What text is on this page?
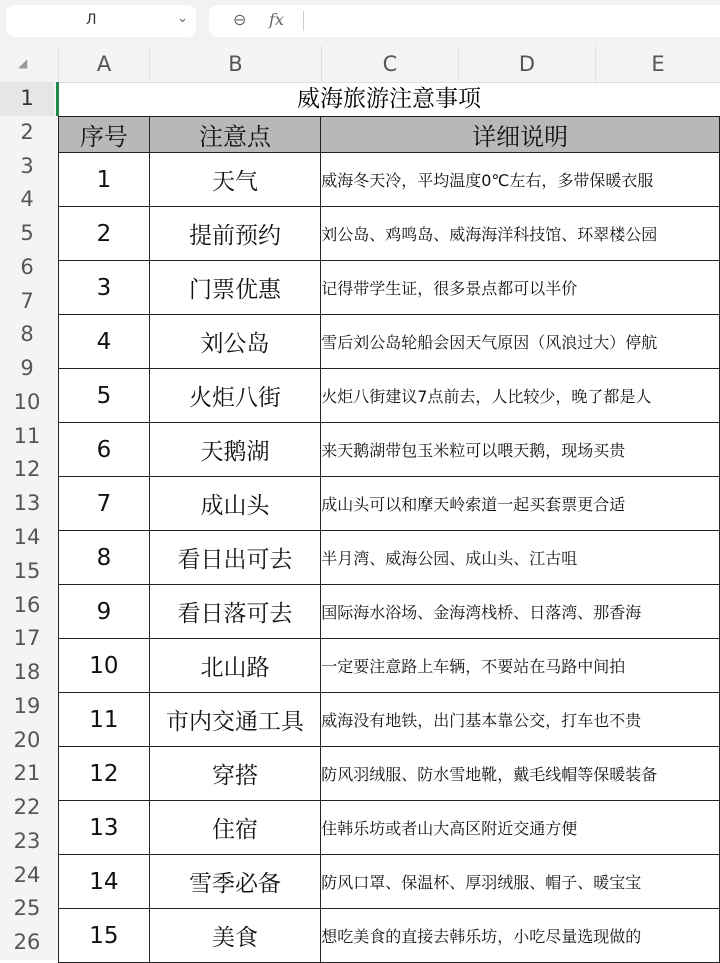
Л	⌄	⊖ fx
◢	A	B	C	D	E
1
2
3
4
5
6
7
8
9
10
11
12
13
14
15
16
17
18
19
20
21
22
23
24
25
26
威海旅游注意事项
序号	注意点	详细说明
1	天气	威海冬天冷，平均温度0℃左右，多带保暖衣服
2	提前预约	刘公岛、鸡鸣岛、威海海洋科技馆、环翠楼公园
3	门票优惠	记得带学生证，很多景点都可以半价
4	刘公岛	雪后刘公岛轮船会因天气原因（风浪过大）停航
5	火炬八街	火炬八街建议7点前去，人比较少，晚了都是人
6	天鹅湖	来天鹅湖带包玉米粒可以喂天鹅，现场买贵
7	成山头	成山头可以和摩天岭索道一起买套票更合适
8	看日出可去	半月湾、威海公园、成山头、江古咀
9	看日落可去	国际海水浴场、金海湾栈桥、日落湾、那香海
10	北山路	一定要注意路上车辆，不要站在马路中间拍
11	市内交通工具	威海没有地铁，出门基本靠公交，打车也不贵
12	穿搭	防风羽绒服、防水雪地靴，戴毛线帽等保暖装备
13	住宿	住韩乐坊或者山大高区附近交通方便
14	雪季必备	防风口罩、保温杯、厚羽绒服、帽子、暖宝宝
15	美食	想吃美食的直接去韩乐坊，小吃尽量选现做的
